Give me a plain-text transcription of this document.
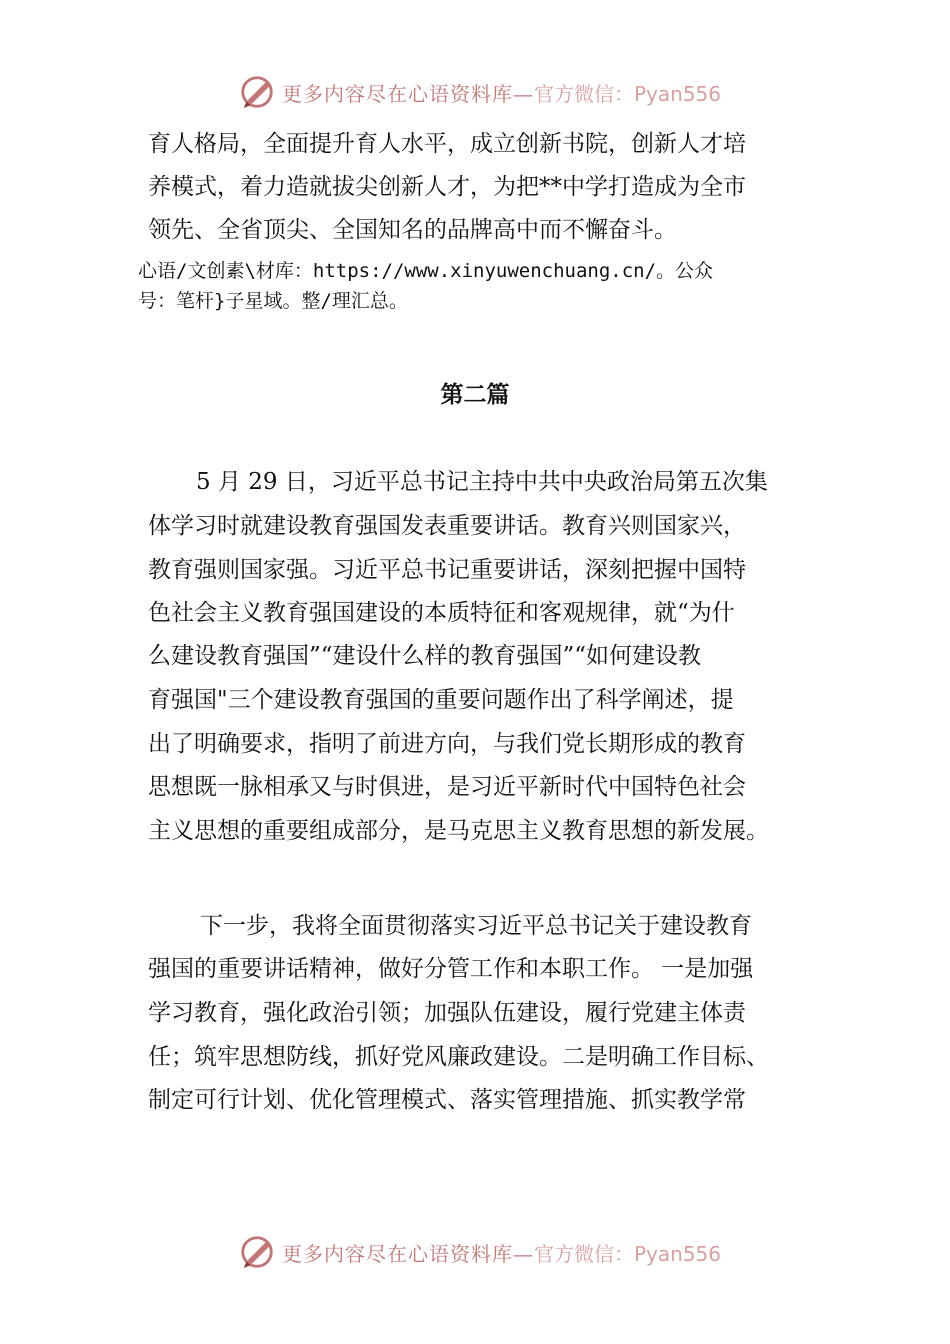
更多内容尽在心语资料库— 官方微信：Pyan556
育人格局，全面提升育人水平，成立创新书院，创新人才培
养模式，着力造就拔尖创新人才，为把**中学打造成为全市
领先、全省顶尖、全国知名的品牌高中而不懈奋斗。
心语/文创素\材库：https://www.xinyuwenchuang.cn/。公众
号：笔杆}子星域。整/理汇总。
第二篇
5 月 29 日，习近平总书记主持中共中央政治局第五次集
体学习时就建设教育强国发表重要讲话。教育兴则国家兴，
教育强则国家强。习近平总书记重要讲话，深刻把握中国特
色社会主义教育强国建设的本质特征和客观规律，就“为什
么建设教育强国”“建设什么样的教育强国”“如何建设教
育强国"三个建设教育强国的重要问题作出了科学阐述，提
出了明确要求，指明了前进方向，与我们党长期形成的教育
思想既一脉相承又与时俱进，是习近平新时代中国特色社会
主义思想的重要组成部分，是马克思主义教育思想的新发展。
下一步，我将全面贯彻落实习近平总书记关于建设教育
强国的重要讲话精神，做好分管工作和本职工作。 一是加强
学习教育，强化政治引领；加强队伍建设，履行党建主体责
任；筑牢思想防线，抓好党风廉政建设。二是明确工作目标、
制定可行计划、优化管理模式、落实管理措施、抓实教学常
更多内容尽在心语资料库— 官方微信：Pyan556
